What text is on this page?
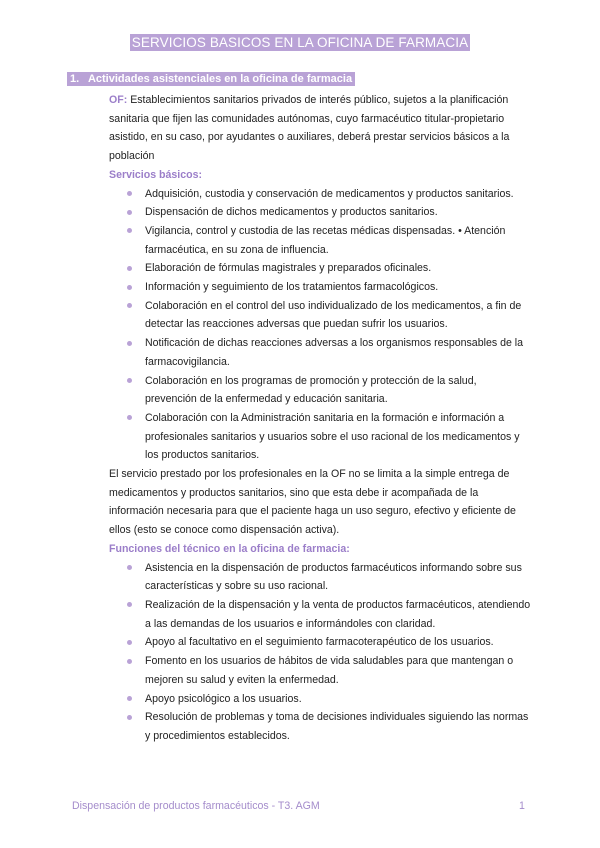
SERVICIOS BASICOS EN LA OFICINA DE FARMACIA
1. Actividades asistenciales en la oficina de farmacia

OF: Establecimientos sanitarios privados de interés público, sujetos a la planificación sanitaria que fijen las comunidades autónomas, cuyo farmacéutico titular-propietario asistido, en su caso, por ayudantes o auxiliares, deberá prestar servicios básicos a la población

Servicios básicos:

Adquisición, custodia y conservación de medicamentos y productos sanitarios.
Dispensación de dichos medicamentos y productos sanitarios.
Vigilancia, control y custodia de las recetas médicas dispensadas. • Atención farmacéutica, en su zona de influencia.
Elaboración de fórmulas magistrales y preparados oficinales.
Información y seguimiento de los tratamientos farmacológicos.
Colaboración en el control del uso individualizado de los medicamentos, a fin de detectar las reacciones adversas que puedan sufrir los usuarios.
Notificación de dichas reacciones adversas a los organismos responsables de la farmacovigilancia.
Colaboración en los programas de promoción y protección de la salud, prevención de la enfermedad y educación sanitaria.
Colaboración con la Administración sanitaria en la formación e información a profesionales sanitarios y usuarios sobre el uso racional de los medicamentos y los productos sanitarios.

El servicio prestado por los profesionales en la OF no se limita a la simple entrega de medicamentos y productos sanitarios, sino que esta debe ir acompañada de la información necesaria para que el paciente haga un uso seguro, efectivo y eficiente de ellos (esto se conoce como dispensación activa).

Funciones del técnico en la oficina de farmacia:

Asistencia en la dispensación de productos farmacéuticos informando sobre sus características y sobre su uso racional.
Realización de la dispensación y la venta de productos farmacéuticos, atendiendo a las demandas de los usuarios e informándoles con claridad.
Apoyo al facultativo en el seguimiento farmacoterapéutico de los usuarios.
Fomento en los usuarios de hábitos de vida saludables para que mantengan o mejoren su salud y eviten la enfermedad.
Apoyo psicológico a los usuarios.
Resolución de problemas y toma de decisiones individuales siguiendo las normas y procedimientos establecidos.
Dispensación de productos farmacéuticos - T3. AGM	1
